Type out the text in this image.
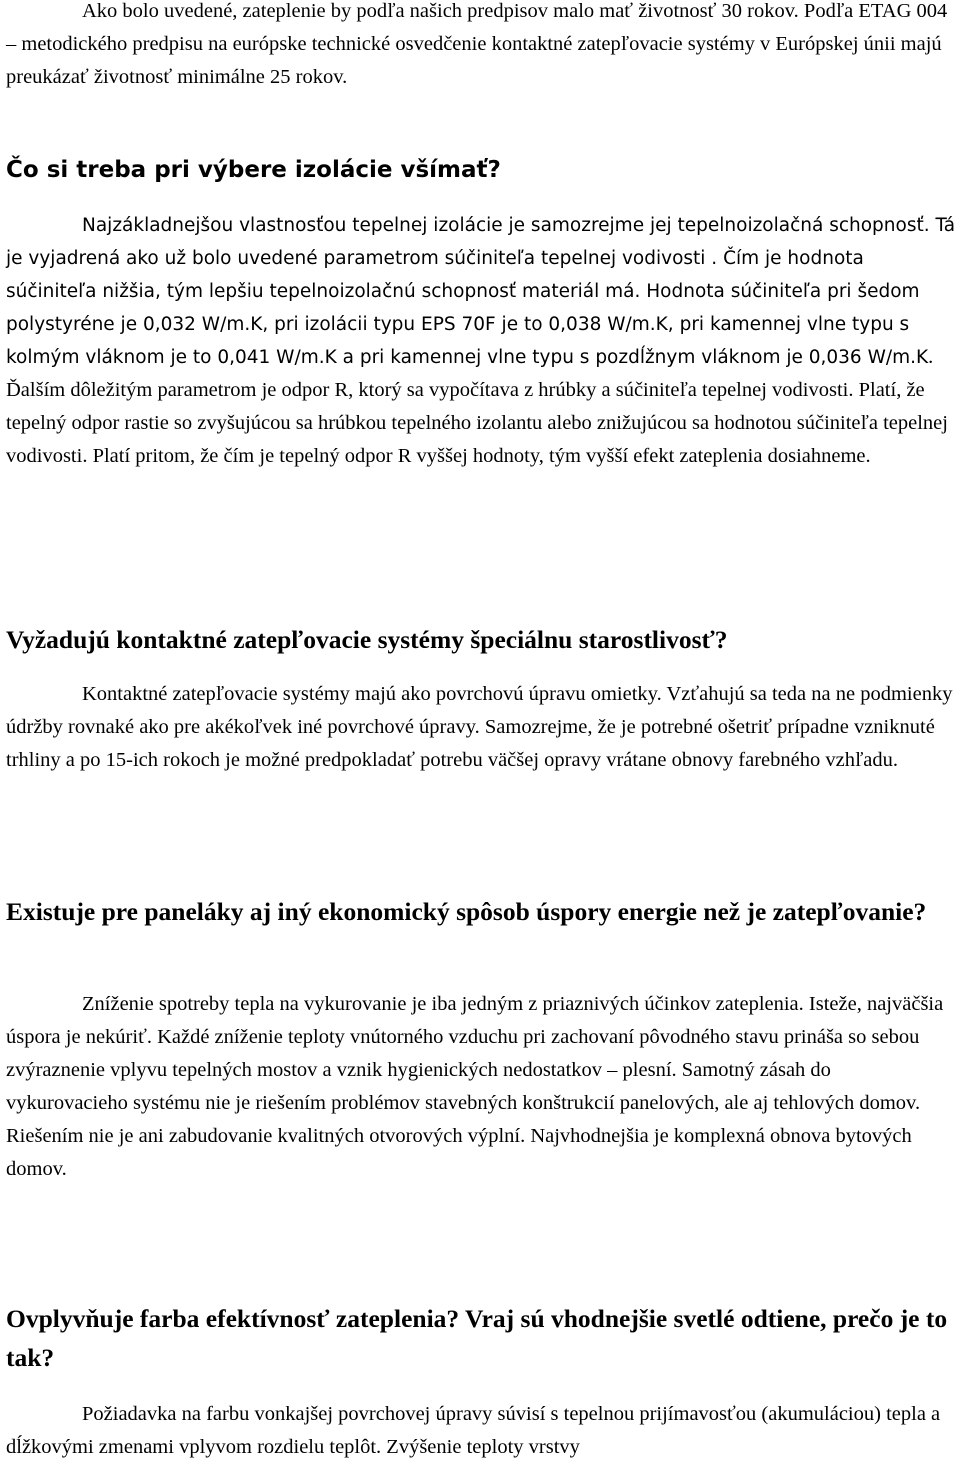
Ako bolo uvedené, zateplenie by podľa našich predpisov malo mať životnosť 30 rokov. Podľa ETAG 004 – metodického predpisu na európske technické osvedčenie kontaktné zatepľovacie systémy v Európskej únii majú preukázať životnosť minimálne 25 rokov.

Čo si treba pri výbere izolácie všímať?

Najzákladnejšou vlastnosťou tepelnej izolácie je samozrejme jej tepelnoizolačná schopnosť. Tá je vyjadrená ako už bolo uvedené parametrom súčiniteľa tepelnej vodivosti . Čím je hodnota súčiniteľa nižšia, tým lepšiu tepelnoizolačnú schopnosť materiál má. Hodnota súčiniteľa pri šedom polystyréne je 0,032 W/m.K, pri izolácii typu EPS 70F je to 0,038 W/m.K, pri kamennej vlne typu s kolmým vláknom je to 0,041 W/m.K a pri kamennej vlne typu s pozdĺžnym vláknom je 0,036 W/m.K. Ďalším dôležitým parametrom je odpor R, ktorý sa vypočítava z hrúbky a súčiniteľa tepelnej vodivosti. Platí, že tepelný odpor rastie so zvyšujúcou sa hrúbkou tepelného izolantu alebo znižujúcou sa hodnotou súčiniteľa tepelnej vodivosti. Platí pritom, že čím je tepelný odpor R vyššej hodnoty, tým vyšší efekt zateplenia dosiahneme.

Vyžadujú kontaktné zatepľovacie systémy špeciálnu starostlivosť?

Kontaktné zatepľovacie systémy majú ako povrchovú úpravu omietky. Vzťahujú sa teda na ne podmienky údržby rovnaké ako pre akékoľvek iné povrchové úpravy. Samozrejme, že je potrebné ošetriť prípadne vzniknuté trhliny a po 15-ich rokoch je možné predpokladať potrebu väčšej opravy vrátane obnovy farebného vzhľadu.

Existuje pre paneláky aj iný ekonomický spôsob úspory energie než je zatepľovanie?

Zníženie spotreby tepla na vykurovanie je iba jedným z priaznivých účinkov zateplenia. Isteže, najväčšia úspora je nekúriť. Každé zníženie teploty vnútorného vzduchu pri zachovaní pôvodného stavu prináša so sebou zvýraznenie vplyvu tepelných mostov a vznik hygienických nedostatkov – plesní. Samotný zásah do vykurovacieho systému nie je riešením problémov stavebných konštrukcií panelových, ale aj tehlových domov. Riešením nie je ani zabudovanie kvalitných otvorových výplní. Najvhodnejšia je komplexná obnova bytových domov.

Ovplyvňuje farba efektívnosť zateplenia? Vraj sú vhodnejšie svetlé odtiene, prečo je to tak?

Požiadavka na farbu vonkajšej povrchovej úpravy súvisí s tepelnou prijímavosťou (akumuláciou) tepla a dĺžkovými zmenami vplyvom rozdielu teplôt. Zvýšenie teploty vrstvy
